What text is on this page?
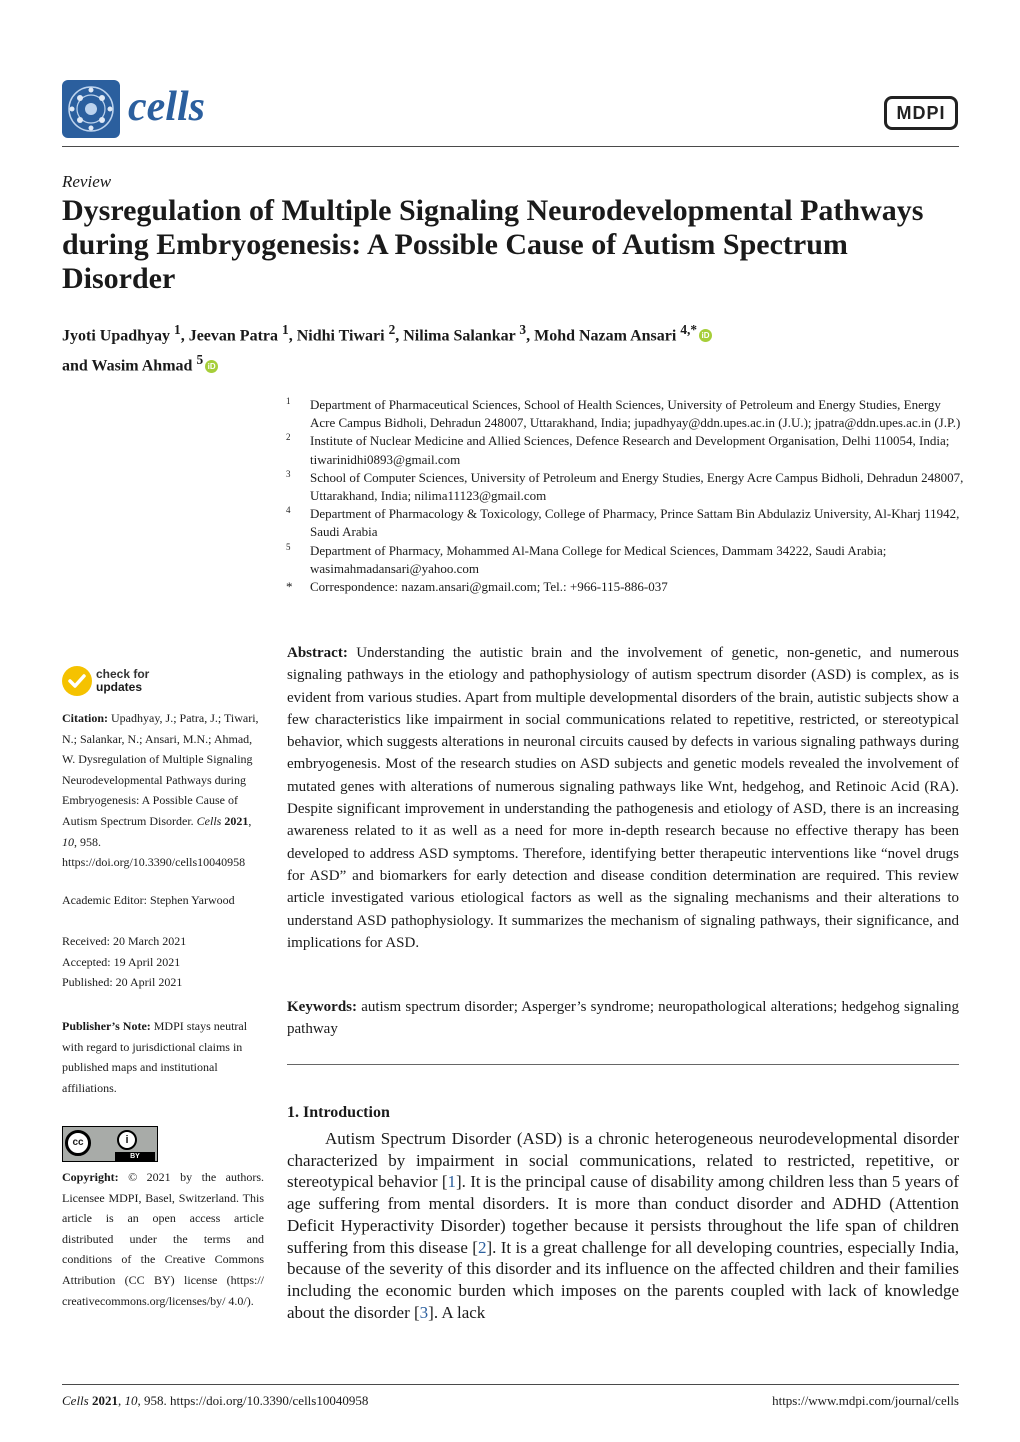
cells	MDPI
Review
Dysregulation of Multiple Signaling Neurodevelopmental Pathways during Embryogenesis: A Possible Cause of Autism Spectrum Disorder
Jyoti Upadhyay $^1$, Jeevan Patra $^1$, Nidhi Tiwari $^2$, Nilima Salankar $^3$, Mohd Nazam Ansari $^{4,*}$ iD
and Wasim Ahmad $^5$ iD
1 Department of Pharmaceutical Sciences, School of Health Sciences, University of Petroleum and Energy Studies, Energy Acre Campus Bidholi, Dehradun 248007, Uttarakhand, India; jupadhyay@ddn.upes.ac.in (J.U.); jpatra@ddn.upes.ac.in (J.P.)
2 Institute of Nuclear Medicine and Allied Sciences, Defence Research and Development Organisation, Delhi 110054, India; tiwarinidhi0893@gmail.com
3 School of Computer Sciences, University of Petroleum and Energy Studies, Energy Acre Campus Bidholi, Dehradun 248007, Uttarakhand, India; nilima11123@gmail.com
4 Department of Pharmacology & Toxicology, College of Pharmacy, Prince Sattam Bin Abdulaziz University, Al-Kharj 11942, Saudi Arabia
5 Department of Pharmacy, Mohammed Al-Mana College for Medical Sciences, Dammam 34222, Saudi Arabia; wasimahmadansari@yahoo.com
* Correspondence: nazam.ansari@gmail.com; Tel.: +966-115-886-037
check for
updates
Citation: Upadhyay, J.; Patra, J.; Tiwari, N.; Salankar, N.; Ansari, M.N.; Ahmad, W. Dysregulation of Multiple Signaling Neurodevelopmental Pathways during Embryogenesis: A Possible Cause of Autism Spectrum Disorder. Cells 2021, 10, 958. https://doi.org/10.3390/cells10040958
Academic Editor: Stephen Yarwood
Received: 20 March 2021
Accepted: 19 April 2021
Published: 20 April 2021
Publisher’s Note: MDPI stays neutral with regard to jurisdictional claims in published maps and institutional affiliations.
cc	i
BY
Copyright: © 2021 by the authors. Licensee MDPI, Basel, Switzerland. This article is an open access article distributed under the terms and conditions of the Creative Commons Attribution (CC BY) license (https:// creativecommons.org/licenses/by/ 4.0/).
Abstract: Understanding the autistic brain and the involvement of genetic, non-genetic, and numerous signaling pathways in the etiology and pathophysiology of autism spectrum disorder (ASD) is complex, as is evident from various studies. Apart from multiple developmental disorders of the brain, autistic subjects show a few characteristics like impairment in social communications related to repetitive, restricted, or stereotypical behavior, which suggests alterations in neuronal circuits caused by defects in various signaling pathways during embryogenesis. Most of the research studies on ASD subjects and genetic models revealed the involvement of mutated genes with alterations of numerous signaling pathways like Wnt, hedgehog, and Retinoic Acid (RA). Despite significant improvement in understanding the pathogenesis and etiology of ASD, there is an increasing awareness related to it as well as a need for more in-depth research because no effective therapy has been developed to address ASD symptoms. Therefore, identifying better therapeutic interventions like “novel drugs for ASD” and biomarkers for early detection and disease condition determination are required. This review article investigated various etiological factors as well as the signaling mechanisms and their alterations to understand ASD pathophysiology. It summarizes the mechanism of signaling pathways, their significance, and implications for ASD.
Keywords: autism spectrum disorder; Asperger’s syndrome; neuropathological alterations; hedgehog signaling pathway
1. Introduction
Autism Spectrum Disorder (ASD) is a chronic heterogeneous neurodevelopmental disorder characterized by impairment in social communications, related to restricted, repetitive, or stereotypical behavior [1]. It is the principal cause of disability among children less than 5 years of age suffering from mental disorders. It is more than conduct disorder and ADHD (Attention Deficit Hyperactivity Disorder) together because it persists throughout the life span of children suffering from this disease [2]. It is a great challenge for all developing countries, especially India, because of the severity of this disorder and its influence on the affected children and their families including the economic burden which imposes on the parents coupled with lack of knowledge about the disorder [3]. A lack
Cells 2021, 10, 958. https://doi.org/10.3390/cells10040958	https://www.mdpi.com/journal/cells
